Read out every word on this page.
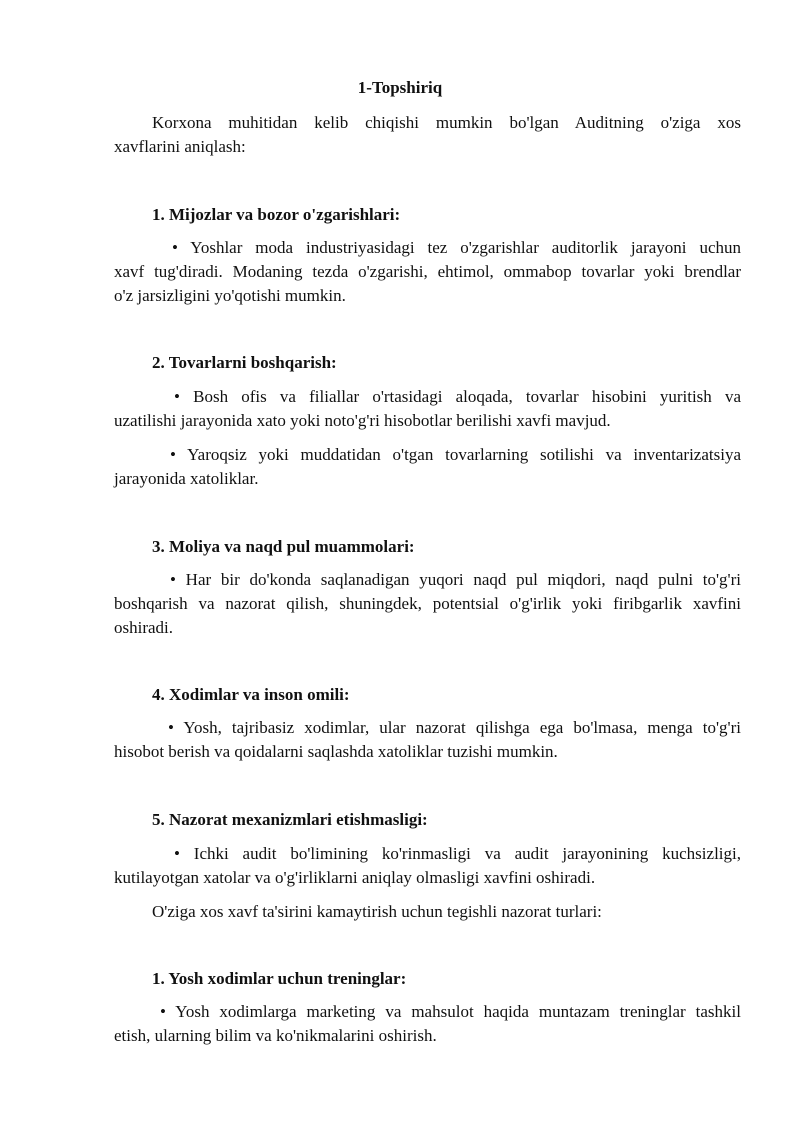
1-Topshiriq
Korxona muhitidan kelib chiqishi mumkin bo'lgan Auditning o'ziga xos
xavflarini aniqlash:
1. Mijozlar va bozor o'zgarishlari:
• Yoshlar moda industriyasidagi tez o'zgarishlar auditorlik jarayoni uchun
xavf tug'diradi. Modaning tezda o'zgarishi, ehtimol, ommabop tovarlar yoki brendlar
o'z jarsizligini yo'qotishi mumkin.
2. Tovarlarni boshqarish:
• Bosh ofis va filiallar o'rtasidagi aloqada, tovarlar hisobini yuritish va
uzatilishi jarayonida xato yoki noto'g'ri hisobotlar berilishi xavfi mavjud.
• Yaroqsiz yoki muddatidan o'tgan tovarlarning sotilishi va inventarizatsiya
jarayonida xatoliklar.
3. Moliya va naqd pul muammolari:
• Har bir do'konda saqlanadigan yuqori naqd pul miqdori, naqd pulni to'g'ri
boshqarish va nazorat qilish, shuningdek, potentsial o'g'irlik yoki firibgarlik xavfini
oshiradi.
4. Xodimlar va inson omili:
• Yosh, tajribasiz xodimlar, ular nazorat qilishga ega bo'lmasa, menga to'g'ri
hisobot berish va qoidalarni saqlashda xatoliklar tuzishi mumkin.
5. Nazorat mexanizmlari etishmasligi:
• Ichki audit bo'limining ko'rinmasligi va audit jarayonining kuchsizligi,
kutilayotgan xatolar va o'g'irliklarni aniqlay olmasligi xavfini oshiradi.
O'ziga xos xavf ta'sirini kamaytirish uchun tegishli nazorat turlari:
1. Yosh xodimlar uchun treninglar:
• Yosh xodimlarga marketing va mahsulot haqida muntazam treninglar tashkil
etish, ularning bilim va ko'nikmalarini oshirish.
